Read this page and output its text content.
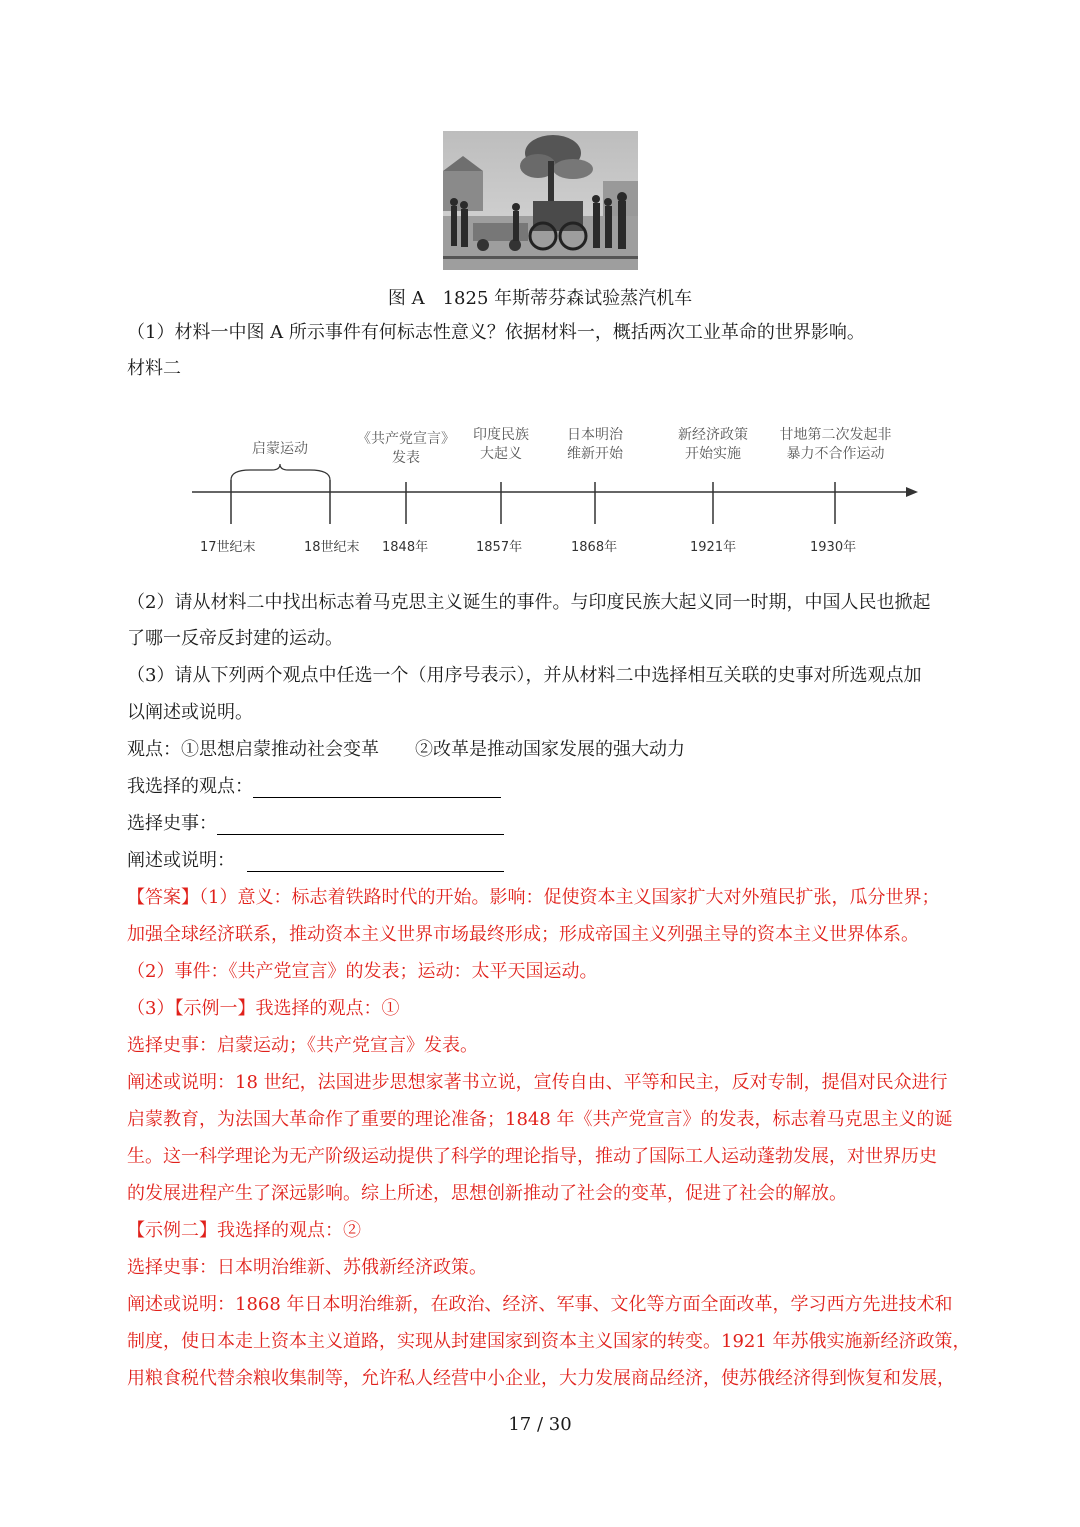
图 A　1825 年斯蒂芬森试验蒸汽机车
（1）材料一中图 A 所示事件有何标志性意义？依据材料一，概括两次工业革命的世界影响。
材料二
启蒙运动
《共产党宣言》
发表
印度民族
大起义
日本明治
维新开始
新经济政策
开始实施
甘地第二次发起非
暴力不合作运动
17世纪末	18世纪末 1848年	1857年	1868年	1921年	1930年
（2）请从材料二中找出标志着马克思主义诞生的事件。与印度民族大起义同一时期，中国人民也掀起
了哪一反帝反封建的运动。
（3）请从下列两个观点中任选一个（用序号表示），并从材料二中选择相互关联的史事对所选观点加
以阐述或说明。
观点：①思想启蒙推动社会变革　　②改革是推动国家发展的强大动力
我选择的观点：
选择史事：
阐述或说明：
【答案】（1）意义：标志着铁路时代的开始。影响：促使资本主义国家扩大对外殖民扩张，瓜分世界；
加强全球经济联系，推动资本主义世界市场最终形成；形成帝国主义列强主导的资本主义世界体系。
（2）事件：《共产党宣言》的发表；运动：太平天国运动。
（3）【示例一】我选择的观点：①
选择史事：启蒙运动；《共产党宣言》发表。
阐述或说明：18 世纪，法国进步思想家著书立说，宣传自由、平等和民主，反对专制，提倡对民众进行
启蒙教育，为法国大革命作了重要的理论准备；1848 年《共产党宣言》的发表，标志着马克思主义的诞
生。这一科学理论为无产阶级运动提供了科学的理论指导，推动了国际工人运动蓬勃发展，对世界历史
的发展进程产生了深远影响。综上所述，思想创新推动了社会的变革，促进了社会的解放。
【示例二】我选择的观点：②
选择史事：日本明治维新、苏俄新经济政策。
阐述或说明：1868 年日本明治维新，在政治、经济、军事、文化等方面全面改革，学习西方先进技术和
制度，使日本走上资本主义道路，实现从封建国家到资本主义国家的转变。1921 年苏俄实施新经济政策，
用粮食税代替余粮收集制等，允许私人经营中小企业，大力发展商品经济，使苏俄经济得到恢复和发展，
17 / 30
